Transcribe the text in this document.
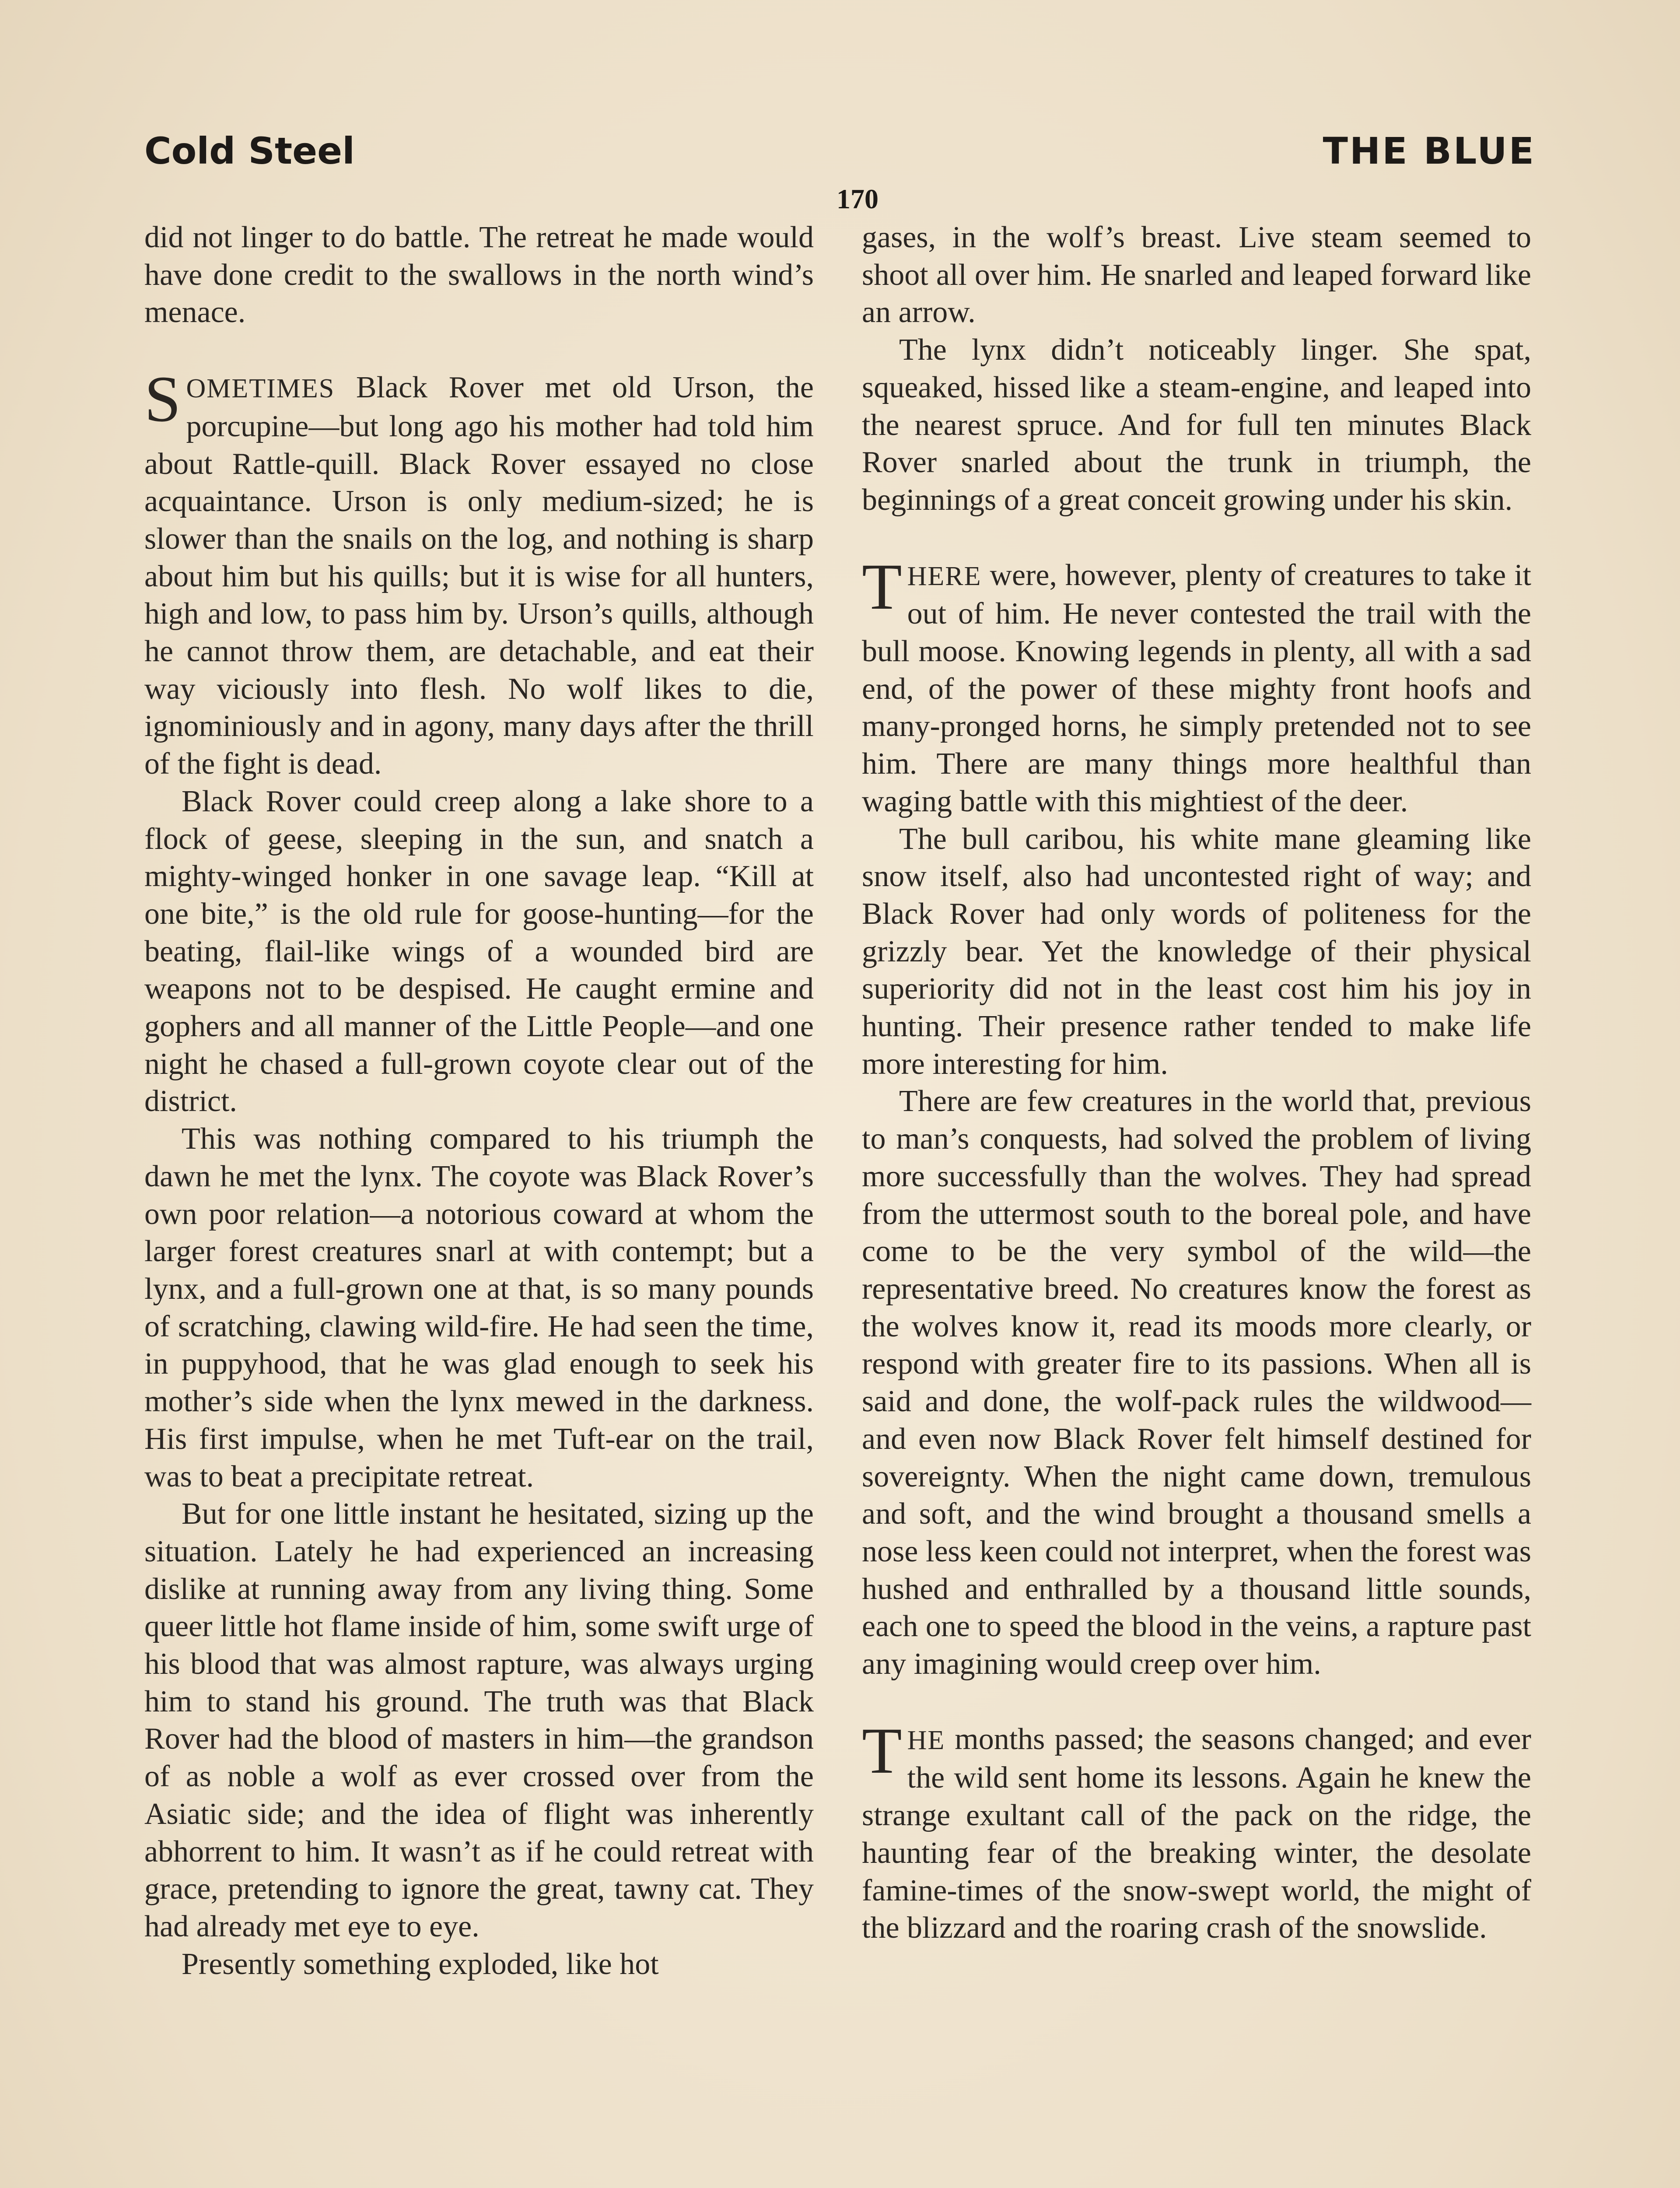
Cold Steel	THE BLUE
170

did not linger to do battle. The retreat he made would have done credit to the swallows in the north wind’s menace.

SOMETIMES Black Rover met old Urson, the porcupine—but long ago his mother had told him about Rattle-quill. Black Rover essayed no close acquaintance. Urson is only medium-sized; he is slower than the snails on the log, and nothing is sharp about him but his quills; but it is wise for all hunters, high and low, to pass him by. Urson’s quills, although he cannot throw them, are detachable, and eat their way viciously into flesh. No wolf likes to die, ignominiously and in agony, many days after the thrill of the fight is dead.

Black Rover could creep along a lake shore to a flock of geese, sleeping in the sun, and snatch a mighty-winged honker in one savage leap. “Kill at one bite,” is the old rule for goose-hunting—for the beating, flail-like wings of a wounded bird are weapons not to be despised. He caught ermine and gophers and all manner of the Little People—and one night he chased a full-grown coyote clear out of the district.

This was nothing compared to his triumph the dawn he met the lynx. The coyote was Black Rover’s own poor relation—a notorious coward at whom the larger forest creatures snarl at with contempt; but a lynx, and a full-grown one at that, is so many pounds of scratching, clawing wild-fire. He had seen the time, in puppyhood, that he was glad enough to seek his mother’s side when the lynx mewed in the darkness. His first impulse, when he met Tuft-ear on the trail, was to beat a precipitate retreat.

But for one little instant he hesitated, sizing up the situation. Lately he had experienced an increasing dislike at running away from any living thing. Some queer little hot flame inside of him, some swift urge of his blood that was almost rapture, was always urging him to stand his ground. The truth was that Black Rover had the blood of masters in him—the grandson of as noble a wolf as ever crossed over from the Asiatic side; and the idea of flight was inherently abhorrent to him. It wasn’t as if he could retreat with grace, pretending to ignore the great, tawny cat. They had already met eye to eye.

Presently something exploded, like hot

gases, in the wolf’s breast. Live steam seemed to shoot all over him. He snarled and leaped forward like an arrow.

The lynx didn’t noticeably linger. She spat, squeaked, hissed like a steam-engine, and leaped into the nearest spruce. And for full ten minutes Black Rover snarled about the trunk in triumph, the beginnings of a great conceit growing under his skin.

THERE were, however, plenty of creatures to take it out of him. He never contested the trail with the bull moose. Knowing legends in plenty, all with a sad end, of the power of these mighty front hoofs and many-pronged horns, he simply pretended not to see him. There are many things more healthful than waging battle with this mightiest of the deer.

The bull caribou, his white mane gleaming like snow itself, also had uncontested right of way; and Black Rover had only words of politeness for the grizzly bear. Yet the knowledge of their physical superiority did not in the least cost him his joy in hunting. Their presence rather tended to make life more interesting for him.

There are few creatures in the world that, previous to man’s conquests, had solved the problem of living more successfully than the wolves. They had spread from the uttermost south to the boreal pole, and have come to be the very symbol of the wild—the representative breed. No creatures know the forest as the wolves know it, read its moods more clearly, or respond with greater fire to its passions. When all is said and done, the wolf-pack rules the wildwood—and even now Black Rover felt himself destined for sovereignty. When the night came down, tremulous and soft, and the wind brought a thousand smells a nose less keen could not interpret, when the forest was hushed and enthralled by a thousand little sounds, each one to speed the blood in the veins, a rapture past any imagining would creep over him.

THE months passed; the seasons changed; and ever the wild sent home its lessons. Again he knew the strange exultant call of the pack on the ridge, the haunting fear of the breaking winter, the desolate famine-times of the snow-swept world, the might of the blizzard and the roaring crash of the snowslide.
